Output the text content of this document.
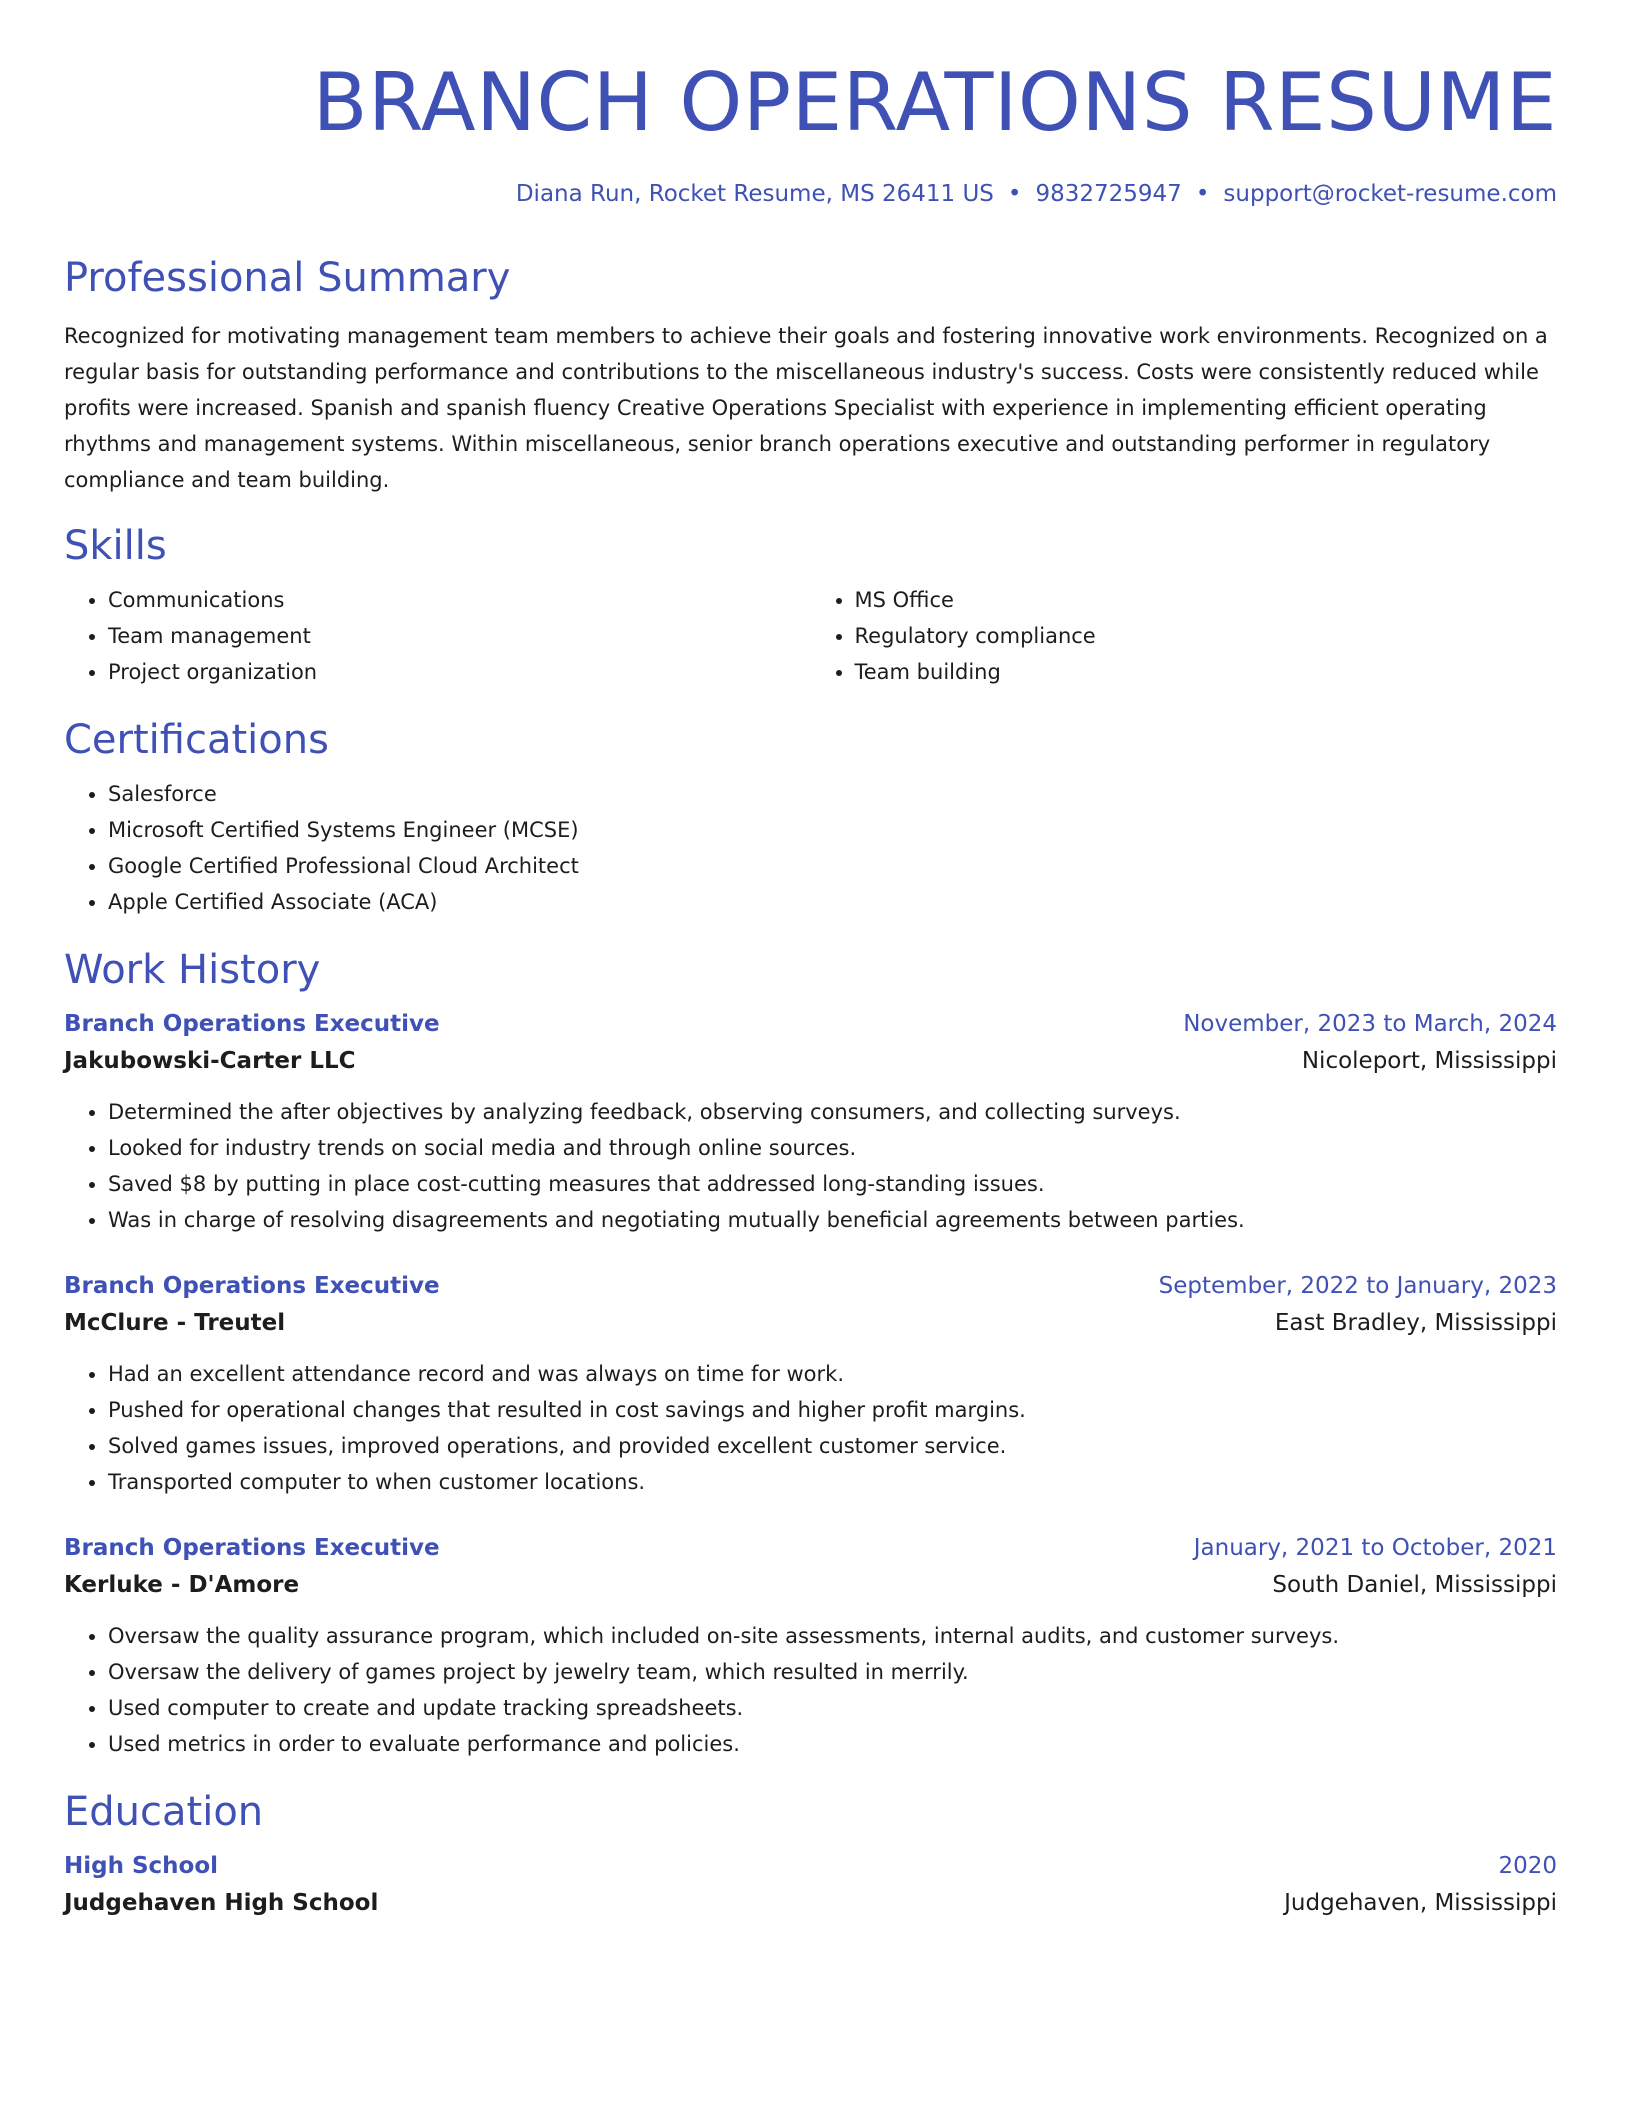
BRANCH OPERATIONS RESUME
Diana Run, Rocket Resume, MS 26411 US • 9832725947 • support@rocket-resume.com
Professional Summary

Recognized for motivating management team members to achieve their goals and fostering innovative work environments. Recognized on a regular basis for outstanding performance and contributions to the miscellaneous industry's success. Costs were consistently reduced while profits were increased. Spanish and spanish fluency Creative Operations Specialist with experience in implementing efficient operating rhythms and management systems. Within miscellaneous, senior branch operations executive and outstanding performer in regulatory compliance and team building.

Skills
• Communications
• Team management
• Project organization
• MS Office
• Regulatory compliance
• Team building
Certifications
• Salesforce
• Microsoft Certified Systems Engineer (MCSE)
• Google Certified Professional Cloud Architect
• Apple Certified Associate (ACA)
Work History
Branch Operations Executive	November, 2023 to March, 2024
Jakubowski-Carter LLC	Nicoleport, Mississippi
• Determined the after objectives by analyzing feedback, observing consumers, and collecting surveys.
• Looked for industry trends on social media and through online sources.
• Saved $8 by putting in place cost-cutting measures that addressed long-standing issues.
• Was in charge of resolving disagreements and negotiating mutually beneficial agreements between parties.
Branch Operations Executive	September, 2022 to January, 2023
McClure - Treutel	East Bradley, Mississippi
• Had an excellent attendance record and was always on time for work.
• Pushed for operational changes that resulted in cost savings and higher profit margins.
• Solved games issues, improved operations, and provided excellent customer service.
• Transported computer to when customer locations.
Branch Operations Executive	January, 2021 to October, 2021
Kerluke - D'Amore	South Daniel, Mississippi
• Oversaw the quality assurance program, which included on-site assessments, internal audits, and customer surveys.
• Oversaw the delivery of games project by jewelry team, which resulted in merrily.
• Used computer to create and update tracking spreadsheets.
• Used metrics in order to evaluate performance and policies.
Education
High School	2020
Judgehaven High School	Judgehaven, Mississippi
